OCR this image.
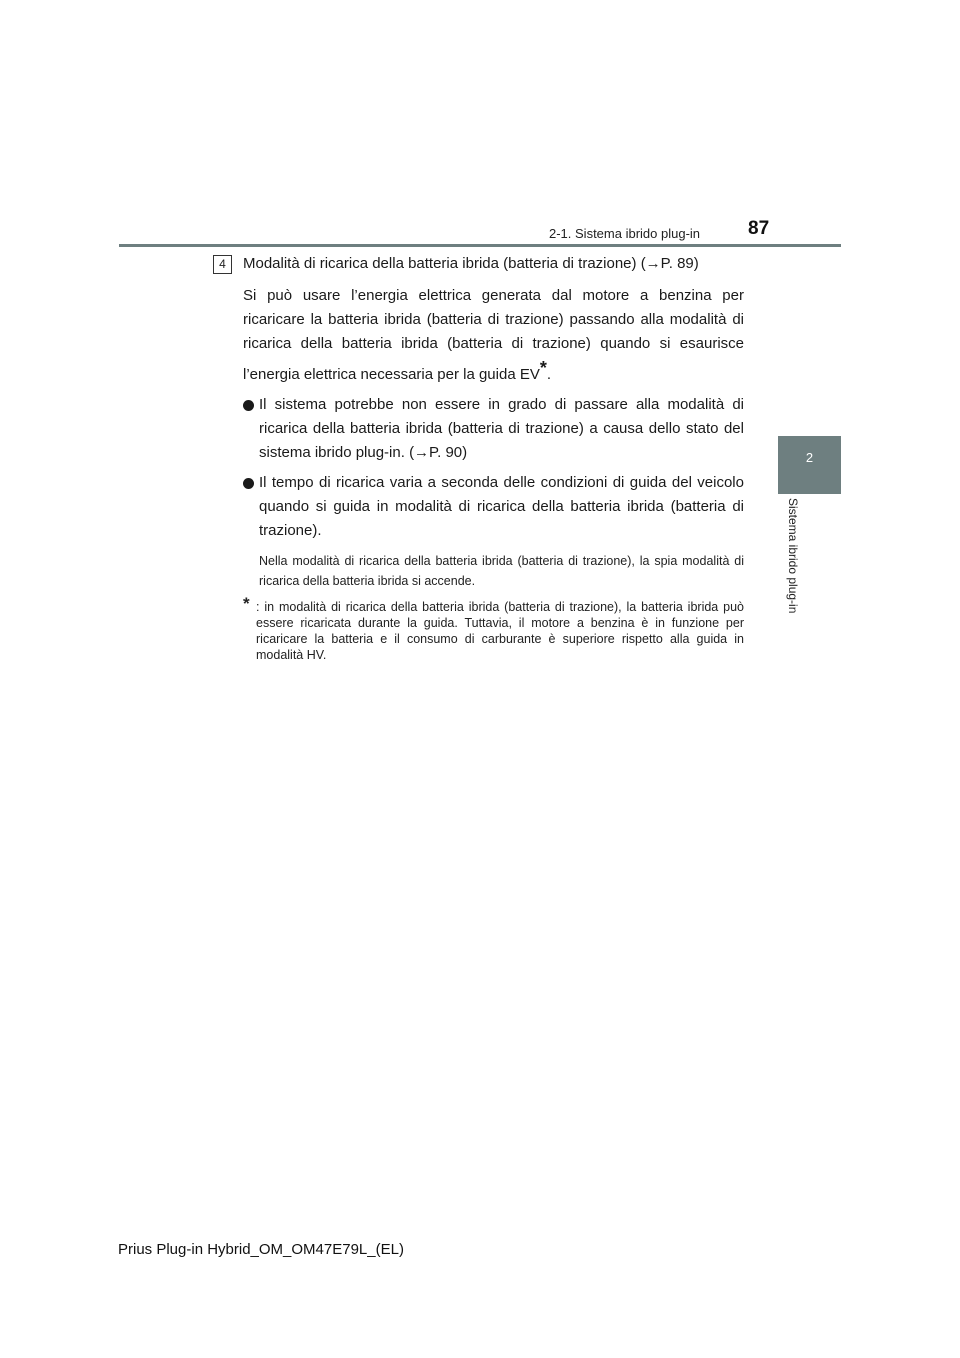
2-1. Sistema ibrido plug-in	87
2
Sistema ibrido plug-in
4	Modalità di ricarica della batteria ibrida (batteria di trazione) (→P. 89)
Si può usare l’energia elettrica generata dal motore a benzina per ricaricare la batteria ibrida (batteria di trazione) passando alla modalità di ricarica della batteria ibrida (batteria di trazione) quando si esaurisce l’energia elettrica necessaria per la guida EV*.
Il sistema potrebbe non essere in grado di passare alla modalità di ricarica della batteria ibrida (batteria di trazione) a causa dello stato del sistema ibrido plug-in. (→P. 90)
Il tempo di ricarica varia a seconda delle condizioni di guida del veicolo quando si guida in modalità di ricarica della batteria ibrida (batteria di trazione).
Nella modalità di ricarica della batteria ibrida (batteria di trazione), la spia modalità di ricarica della batteria ibrida si accende.
* : in modalità di ricarica della batteria ibrida (batteria di trazione), la batteria ibrida può essere ricaricata durante la guida. Tuttavia, il motore a benzina è in funzione per ricaricare la batteria e il consumo di carburante è superiore rispetto alla guida in modalità HV.
Prius Plug-in Hybrid_OM_OM47E79L_(EL)
